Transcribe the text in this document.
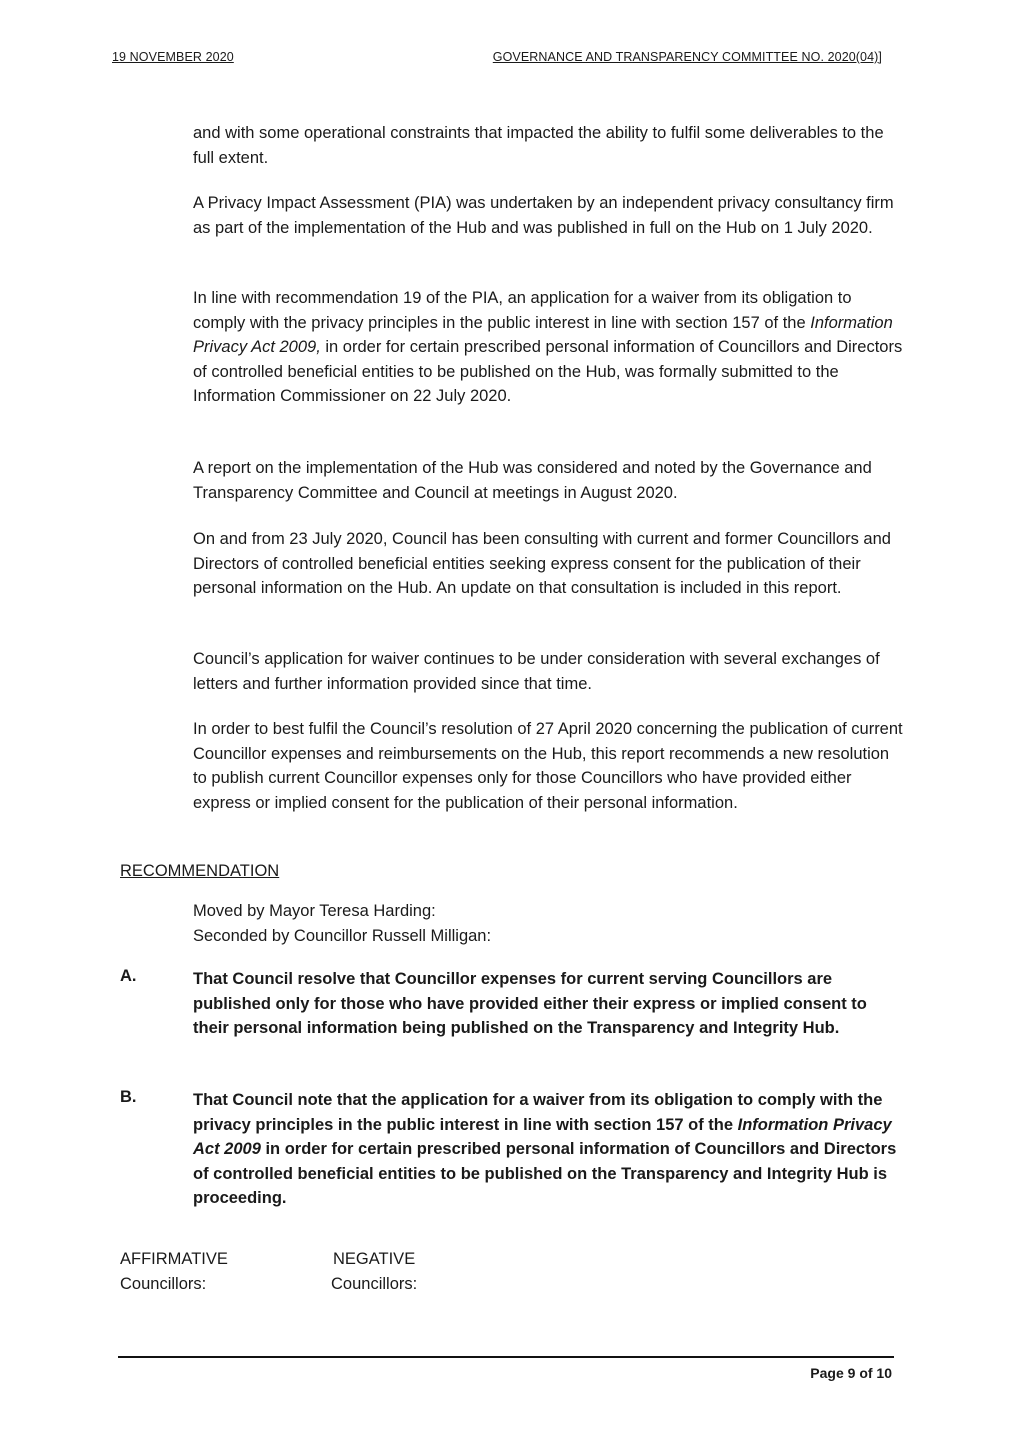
19 NOVEMBER 2020	GOVERNANCE AND TRANSPARENCY COMMITTEE NO. 2020(04)]

and with some operational constraints that impacted the ability to fulfil some deliverables to the full extent.

A Privacy Impact Assessment (PIA) was undertaken by an independent privacy consultancy firm as part of the implementation of the Hub and was published in full on the Hub on 1 July 2020.

In line with recommendation 19 of the PIA, an application for a waiver from its obligation to comply with the privacy principles in the public interest in line with section 157 of the Information Privacy Act 2009, in order for certain prescribed personal information of Councillors and Directors of controlled beneficial entities to be published on the Hub, was formally submitted to the Information Commissioner on 22 July 2020.

A report on the implementation of the Hub was considered and noted by the Governance and Transparency Committee and Council at meetings in August 2020.

On and from 23 July 2020, Council has been consulting with current and former Councillors and Directors of controlled beneficial entities seeking express consent for the publication of their personal information on the Hub. An update on that consultation is included in this report.

Council’s application for waiver continues to be under consideration with several exchanges of letters and further information provided since that time.

In order to best fulfil the Council’s resolution of 27 April 2020 concerning the publication of current Councillor expenses and reimbursements on the Hub, this report recommends a new resolution to publish current Councillor expenses only for those Councillors who have provided either express or implied consent for the publication of their personal information.

RECOMMENDATION
Moved by Mayor Teresa Harding:
Seconded by Councillor Russell Milligan:
A.	That Council resolve that Councillor expenses for current serving Councillors are published only for those who have provided either their express or implied consent to their personal information being published on the Transparency and Integrity Hub.
B.	That Council note that the application for a waiver from its obligation to comply with the privacy principles in the public interest in line with section 157 of the Information Privacy Act 2009 in order for certain prescribed personal information of Councillors and Directors of controlled beneficial entities to be published on the Transparency and Integrity Hub is proceeding.
AFFIRMATIVE
Councillors:
NEGATIVE
Councillors:
Page 9 of 10
